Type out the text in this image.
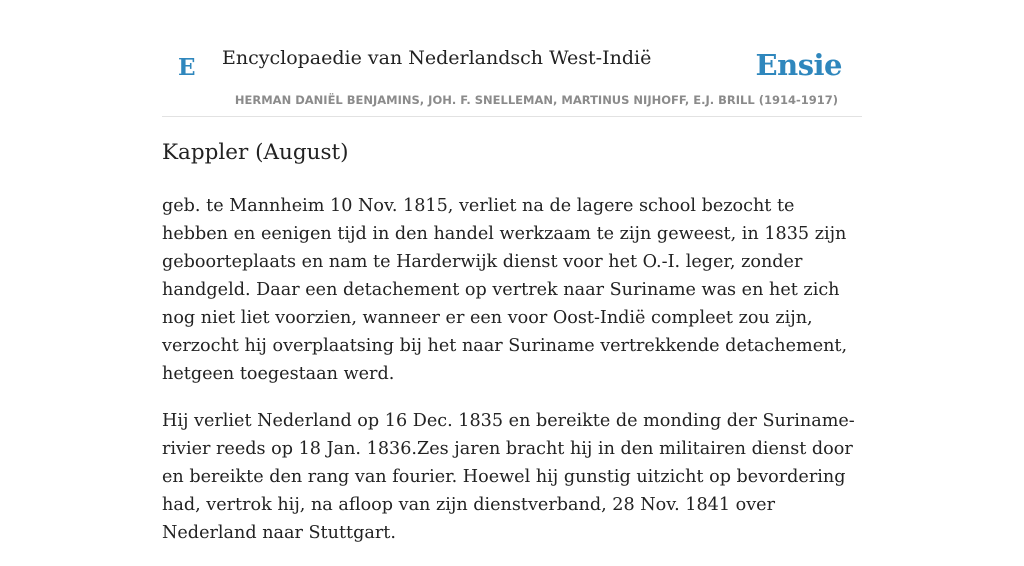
E Encyclopaedie van Nederlandsch West-Indië	Ensie
HERMAN DANIËL BENJAMINS, JOH. F. SNELLEMAN, MARTINUS NIJHOFF, E.J. BRILL (1914-1917)
Kappler (August)

geb. te Mannheim 10 Nov. 1815, verliet na de lagere school bezocht te hebben en eenigen tijd in den handel werkzaam te zijn geweest, in 1835 zijn geboorteplaats en nam te Harderwijk dienst voor het O.-I. leger, zonder handgeld. Daar een detachement op vertrek naar Suriname was en het zich nog niet liet voorzien, wanneer er een voor Oost-Indië compleet zou zijn, verzocht hij overplaatsing bij het naar Suriname vertrekkende detachement, hetgeen toegestaan werd.

Hij verliet Nederland op 16 Dec. 1835 en bereikte de monding der Suriname-rivier reeds op 18 Jan. 1836.Zes jaren bracht hij in den militairen dienst door en bereikte den rang van fourier. Hoewel hij gunstig uitzicht op bevordering had, vertrok hij, na afloop van zijn dienstverband, 28 Nov. 1841 over Nederland naar Stuttgart.
